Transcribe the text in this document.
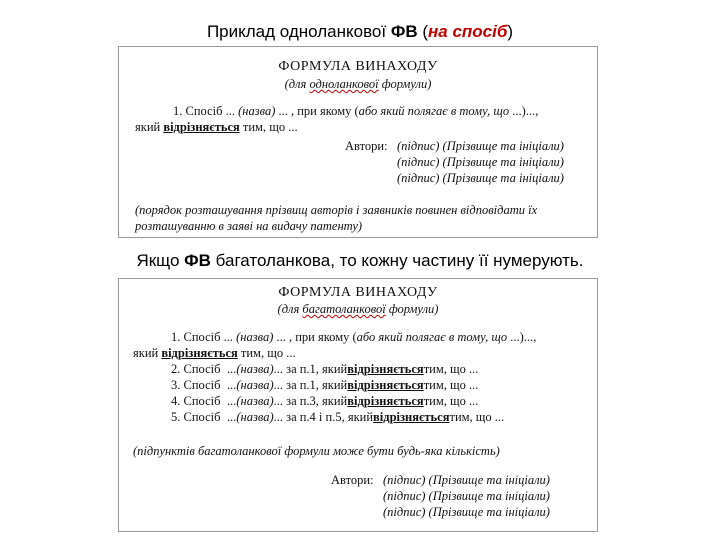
Приклад одноланкової ФВ (на спосіб)
ФОРМУЛА ВИНАХОДУ
(для одноланкової формули)
1. Спосіб ... (назва) ... , при якому (або який полягає в тому, що ...)...,
який відрізняється тим, що ...
Автори: (підпис) (Прізвище та ініціали)
(підпис) (Прізвище та ініціали)
(підпис) (Прізвище та ініціали)
(порядок розташування прізвищ авторів і заявників повинен відповідати їх
розташуванню в заяві на видачу патенту)
Якщо ФВ багатоланкова, то кожну частину її нумерують.
ФОРМУЛА ВИНАХОДУ
(для багатоланкової формули)
1. Спосіб ... (назва) ... , при якому (або який полягає в тому, що ...)...,
який відрізняється тим, що ...
2. Спосіб ... (назва) ... за п.1, який відрізняється тим, що ...
3. Спосіб ... (назва) ... за п.1, який відрізняється тим, що ...
4. Спосіб ... (назва) ... за п.3, який відрізняється тим, що ...
5. Спосіб ... (назва) ... за п.4 і п.5, який відрізняється тим, що ...
(підпунктів багатоланкової формули може бути будь-яка кількість)
Автори: (підпис) (Прізвище та ініціали)
(підпис) (Прізвище та ініціали)
(підпис) (Прізвище та ініціали)
